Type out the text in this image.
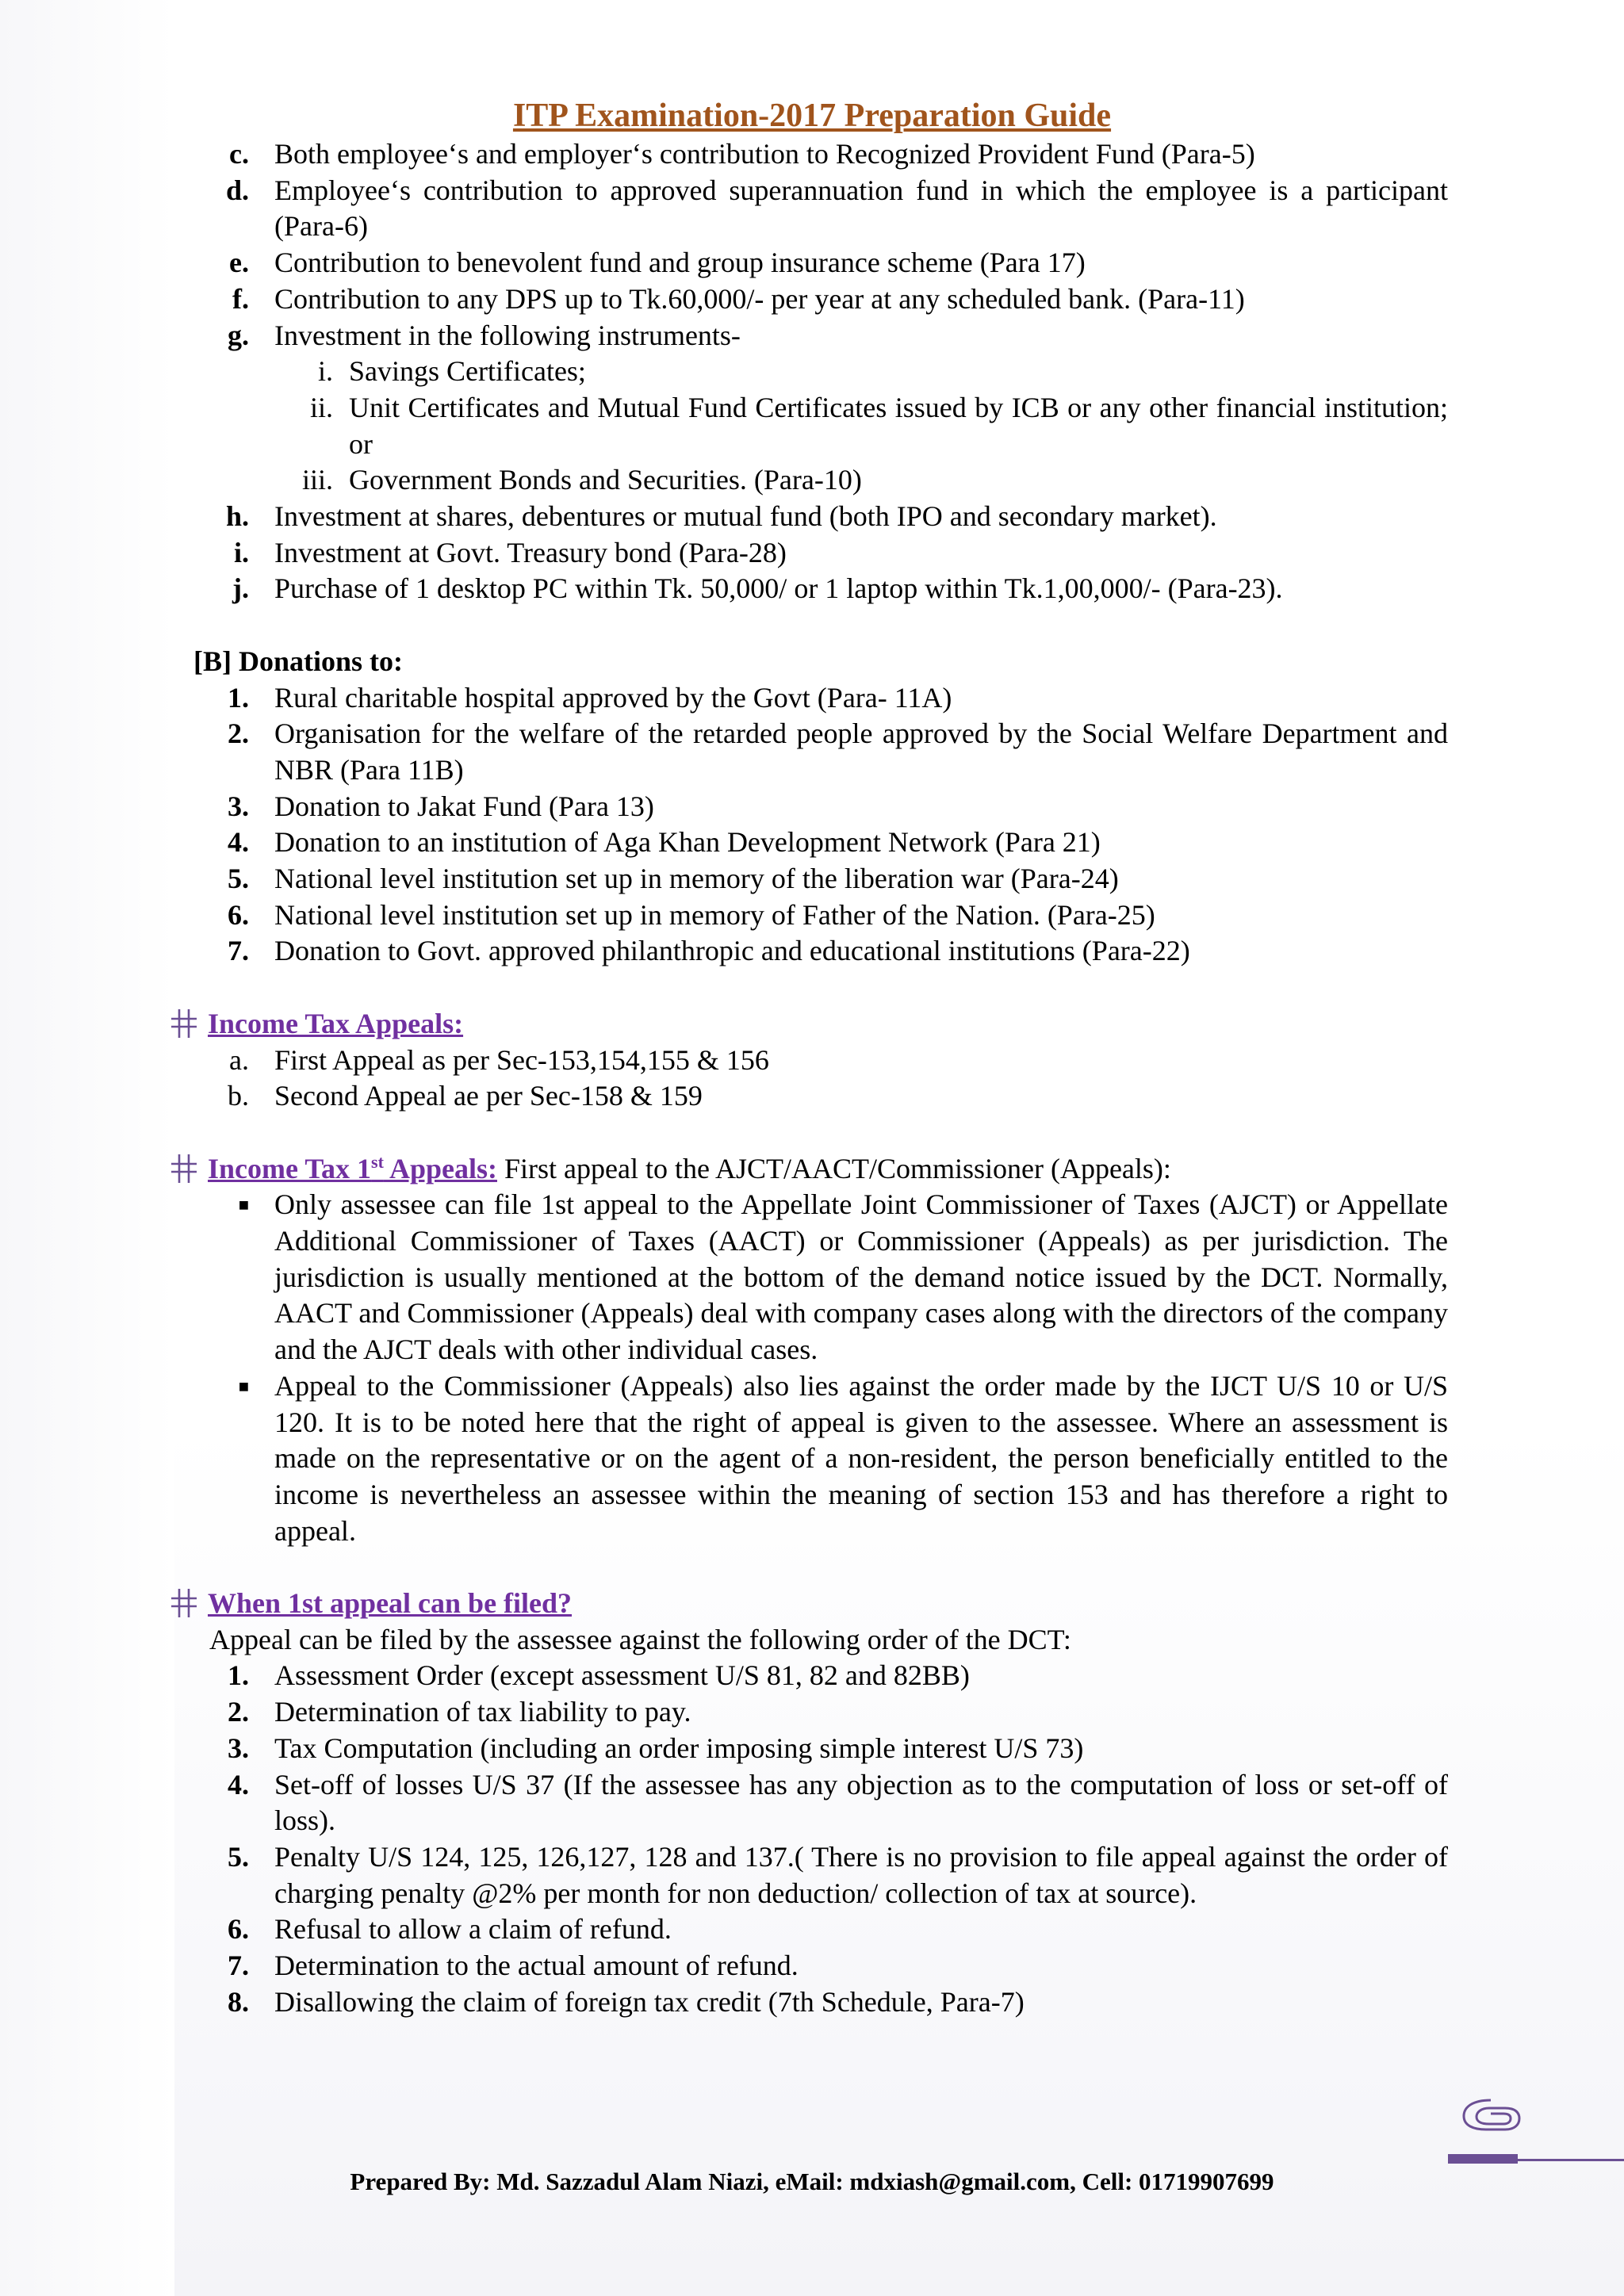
ITP Examination-2017 Preparation Guide
c. Both employee‘s and employer‘s contribution to Recognized Provident Fund (Para-5)
d. Employee‘s contribution to approved superannuation fund in which the employee is a participant (Para-6)
e. Contribution to benevolent fund and group insurance scheme (Para 17)
f. Contribution to any DPS up to Tk.60,000/- per year at any scheduled bank. (Para-11)
g. Investment in the following instruments-
i. Savings Certificates;
ii. Unit Certificates and Mutual Fund Certificates issued by ICB or any other financial institution; or
iii. Government Bonds and Securities. (Para-10)
h. Investment at shares, debentures or mutual fund (both IPO and secondary market).
i. Investment at Govt. Treasury bond (Para-28)
j. Purchase of 1 desktop PC within Tk. 50,000/ or 1 laptop within Tk.1,00,000/- (Para-23).
[B] Donations to:
1. Rural charitable hospital approved by the Govt (Para- 11A)
2. Organisation for the welfare of the retarded people approved by the Social Welfare Department and NBR (Para 11B)
3. Donation to Jakat Fund (Para 13)
4. Donation to an institution of Aga Khan Development Network (Para 21)
5. National level institution set up in memory of the liberation war (Para-24)
6. National level institution set up in memory of Father of the Nation. (Para-25)
7. Donation to Govt. approved philanthropic and educational institutions (Para-22)
Income Tax Appeals:
a. First Appeal as per Sec-153,154,155 & 156
b. Second Appeal ae per Sec-158 & 159
Income Tax 1st Appeals: First appeal to the AJCT/AACT/Commissioner (Appeals):
■ Only assessee can file 1st appeal to the Appellate Joint Commissioner of Taxes (AJCT) or Appellate Additional Commissioner of Taxes (AACT) or Commissioner (Appeals) as per jurisdiction. The jurisdiction is usually mentioned at the bottom of the demand notice issued by the DCT. Normally, AACT and Commissioner (Appeals) deal with company cases along with the directors of the company and the AJCT deals with other individual cases.
■ Appeal to the Commissioner (Appeals) also lies against the order made by the IJCT U/S 10 or U/S 120. It is to be noted here that the right of appeal is given to the assessee. Where an assessment is made on the representative or on the agent of a non-resident, the person beneficially entitled to the income is nevertheless an assessee within the meaning of section 153 and has therefore a right to appeal.
When 1st appeal can be filed?
Appeal can be filed by the assessee against the following order of the DCT:
1. Assessment Order (except assessment U/S 81, 82 and 82BB)
2. Determination of tax liability to pay.
3. Tax Computation (including an order imposing simple interest U/S 73)
4. Set-off of losses U/S 37 (If the assessee has any objection as to the computation of loss or set-off of loss).
5. Penalty U/S 124, 125, 126,127, 128 and 137.( There is no provision to file appeal against the order of charging penalty @2% per month for non deduction/ collection of tax at source).
6. Refusal to allow a claim of refund.
7. Determination to the actual amount of refund.
8. Disallowing the claim of foreign tax credit (7th Schedule, Para-7)
Prepared By: Md. Sazzadul Alam Niazi, eMail: mdxiash@gmail.com, Cell: 01719907699
